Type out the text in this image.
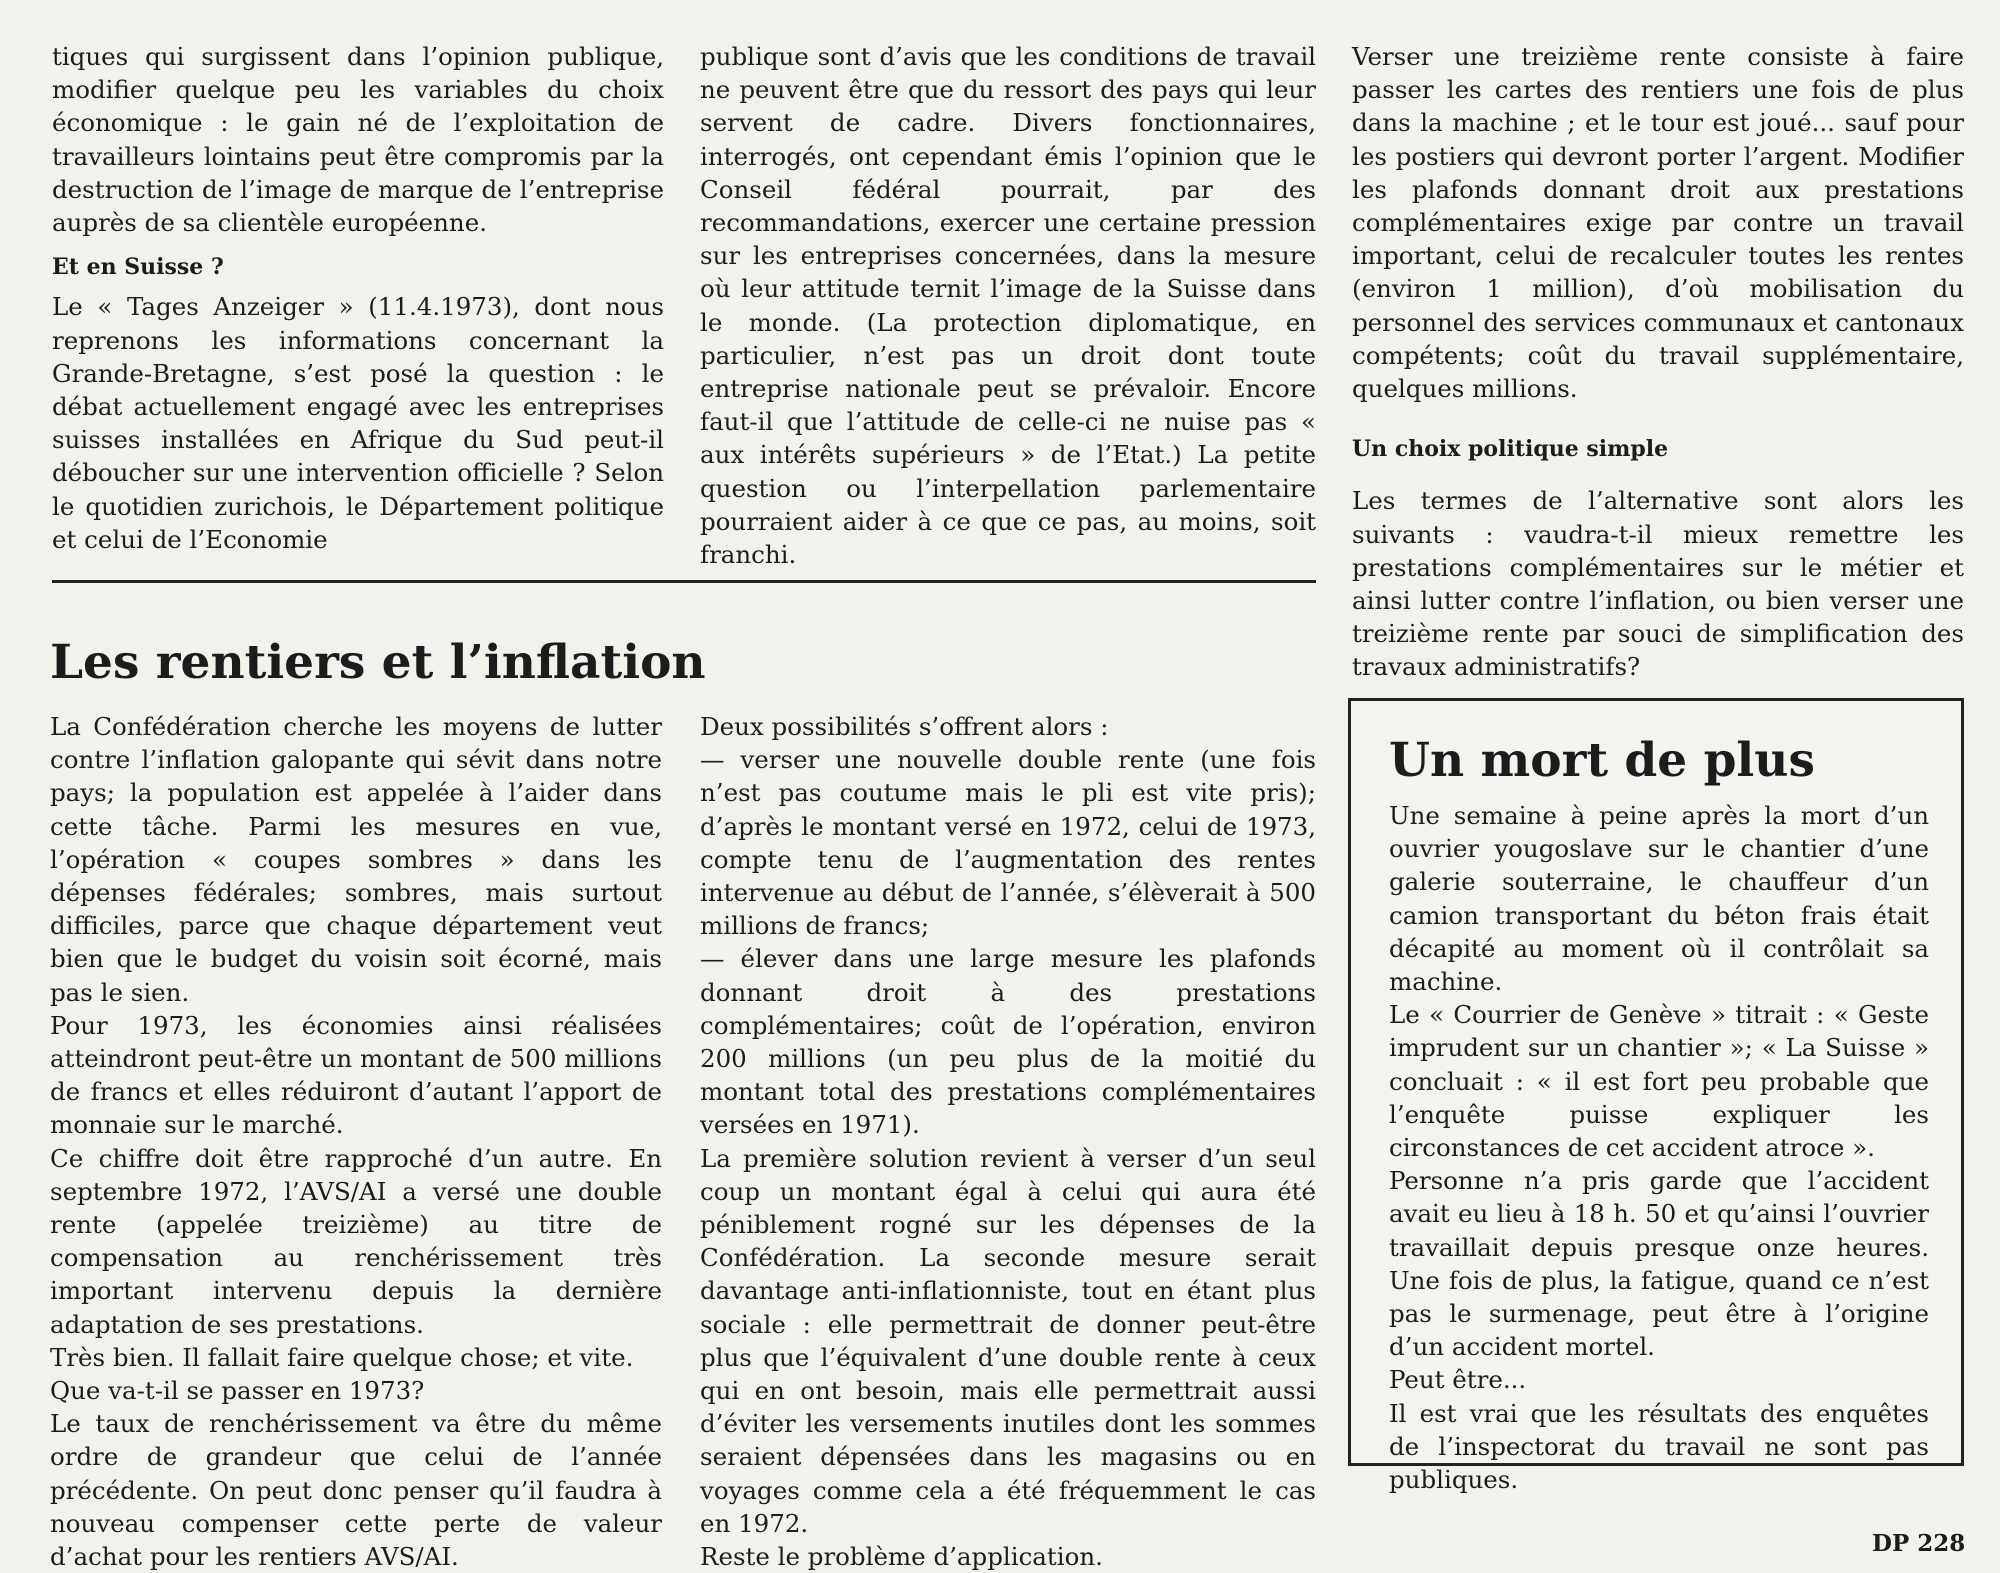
tiques qui surgissent dans l’opinion publique, modifier quelque peu les variables du choix économique : le gain né de l’exploitation de travailleurs lointains peut être compromis par la destruction de l’image de marque de l’entreprise auprès de sa clientèle européenne.

Et en Suisse ?

Le « Tages Anzeiger » (11.4.1973), dont nous reprenons les informations concernant la Grande-Bretagne, s’est posé la question : le débat actuellement engagé avec les entreprises suisses installées en Afrique du Sud peut-il déboucher sur une intervention officielle ? Selon le quotidien zurichois, le Département politique et celui de l’Economie

publique sont d’avis que les conditions de travail ne peuvent être que du ressort des pays qui leur servent de cadre. Divers fonctionnaires, interrogés, ont cependant émis l’opinion que le Conseil fédéral pourrait, par des recommandations, exercer une certaine pression sur les entreprises concernées, dans la mesure où leur attitude ternit l’image de la Suisse dans le monde. (La protection diplomatique, en particulier, n’est pas un droit dont toute entreprise nationale peut se prévaloir. Encore faut-il que l’attitude de celle-ci ne nuise pas « aux intérêts supérieurs » de l’Etat.) La petite question ou l’interpellation parlementaire pourraient aider à ce que ce pas, au moins, soit franchi.

Verser une treizième rente consiste à faire passer les cartes des rentiers une fois de plus dans la machine ; et le tour est joué... sauf pour les postiers qui devront porter l’argent. Modifier les plafonds donnant droit aux prestations complémentaires exige par contre un travail important, celui de recalculer toutes les rentes (environ 1 million), d’où mobilisation du personnel des services communaux et cantonaux compétents; coût du travail supplémentaire, quelques millions.

Un choix politique simple

Les termes de l’alternative sont alors les suivants : vaudra-t-il mieux remettre les prestations complémentaires sur le métier et ainsi lutter contre l’inflation, ou bien verser une treizième rente par souci de simplification des travaux administratifs?

Les rentiers et l’inflation

La Confédération cherche les moyens de lutter contre l’inflation galopante qui sévit dans notre pays; la population est appelée à l’aider dans cette tâche. Parmi les mesures en vue, l’opération « coupes sombres » dans les dépenses fédérales; sombres, mais surtout difficiles, parce que chaque département veut bien que le budget du voisin soit écorné, mais pas le sien.

Pour 1973, les économies ainsi réalisées atteindront peut-être un montant de 500 millions de francs et elles réduiront d’autant l’apport de monnaie sur le marché.

Ce chiffre doit être rapproché d’un autre. En septembre 1972, l’AVS/AI a versé une double rente (appelée treizième) au titre de compensation au renchérissement très important intervenu depuis la dernière adaptation de ses prestations.

Très bien. Il fallait faire quelque chose; et vite.

Que va-t-il se passer en 1973?

Le taux de renchérissement va être du même ordre de grandeur que celui de l’année précédente. On peut donc penser qu’il faudra à nouveau compenser cette perte de valeur d’achat pour les rentiers AVS/AI.

Deux possibilités s’offrent alors :

— verser une nouvelle double rente (une fois n’est pas coutume mais le pli est vite pris); d’après le montant versé en 1972, celui de 1973, compte tenu de l’augmentation des rentes intervenue au début de l’année, s’élèverait à 500 millions de francs;

— élever dans une large mesure les plafonds donnant droit à des prestations complémentaires; coût de l’opération, environ 200 millions (un peu plus de la moitié du montant total des prestations complémentaires versées en 1971).

La première solution revient à verser d’un seul coup un montant égal à celui qui aura été péniblement rogné sur les dépenses de la Confédération. La seconde mesure serait davantage anti-inflationniste, tout en étant plus sociale : elle permettrait de donner peut-être plus que l’équivalent d’une double rente à ceux qui en ont besoin, mais elle permettrait aussi d’éviter les versements inutiles dont les sommes seraient dépensées dans les magasins ou en voyages comme cela a été fréquemment le cas en 1972.

Reste le problème d’application.

Un mort de plus

Une semaine à peine après la mort d’un ouvrier yougoslave sur le chantier d’une galerie souterraine, le chauffeur d’un camion transportant du béton frais était décapité au moment où il contrôlait sa machine.

Le « Courrier de Genève » titrait : « Geste imprudent sur un chantier »; « La Suisse » concluait : « il est fort peu probable que l’enquête puisse expliquer les circonstances de cet accident atroce ».

Personne n’a pris garde que l’accident avait eu lieu à 18 h. 50 et qu’ainsi l’ouvrier travaillait depuis presque onze heures. Une fois de plus, la fatigue, quand ce n’est pas le surmenage, peut être à l’origine d’un accident mortel.

Peut être...

Il est vrai que les résultats des enquêtes de l’inspectorat du travail ne sont pas publiques.

DP 228
